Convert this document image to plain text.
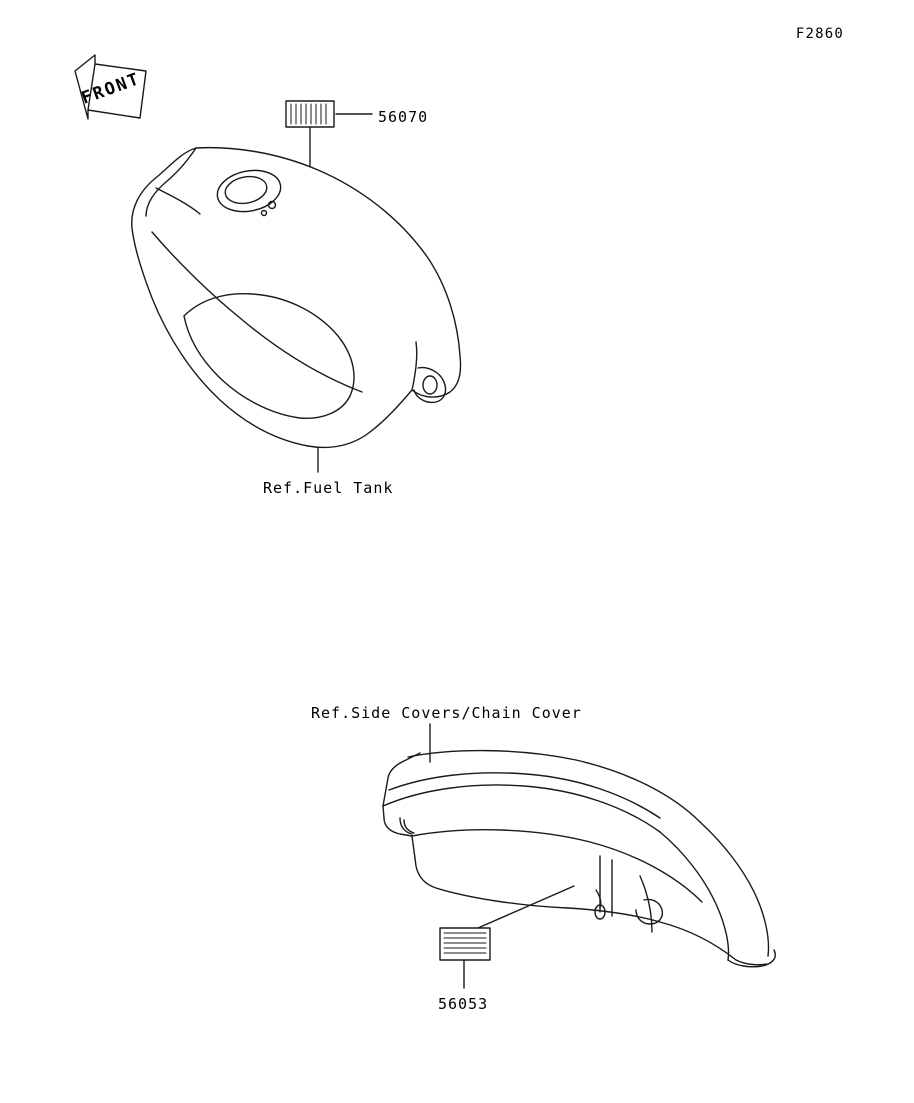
F2860
56070
Ref.Fuel Tank
Ref.Side Covers/Chain Cover
56053
FRONT
